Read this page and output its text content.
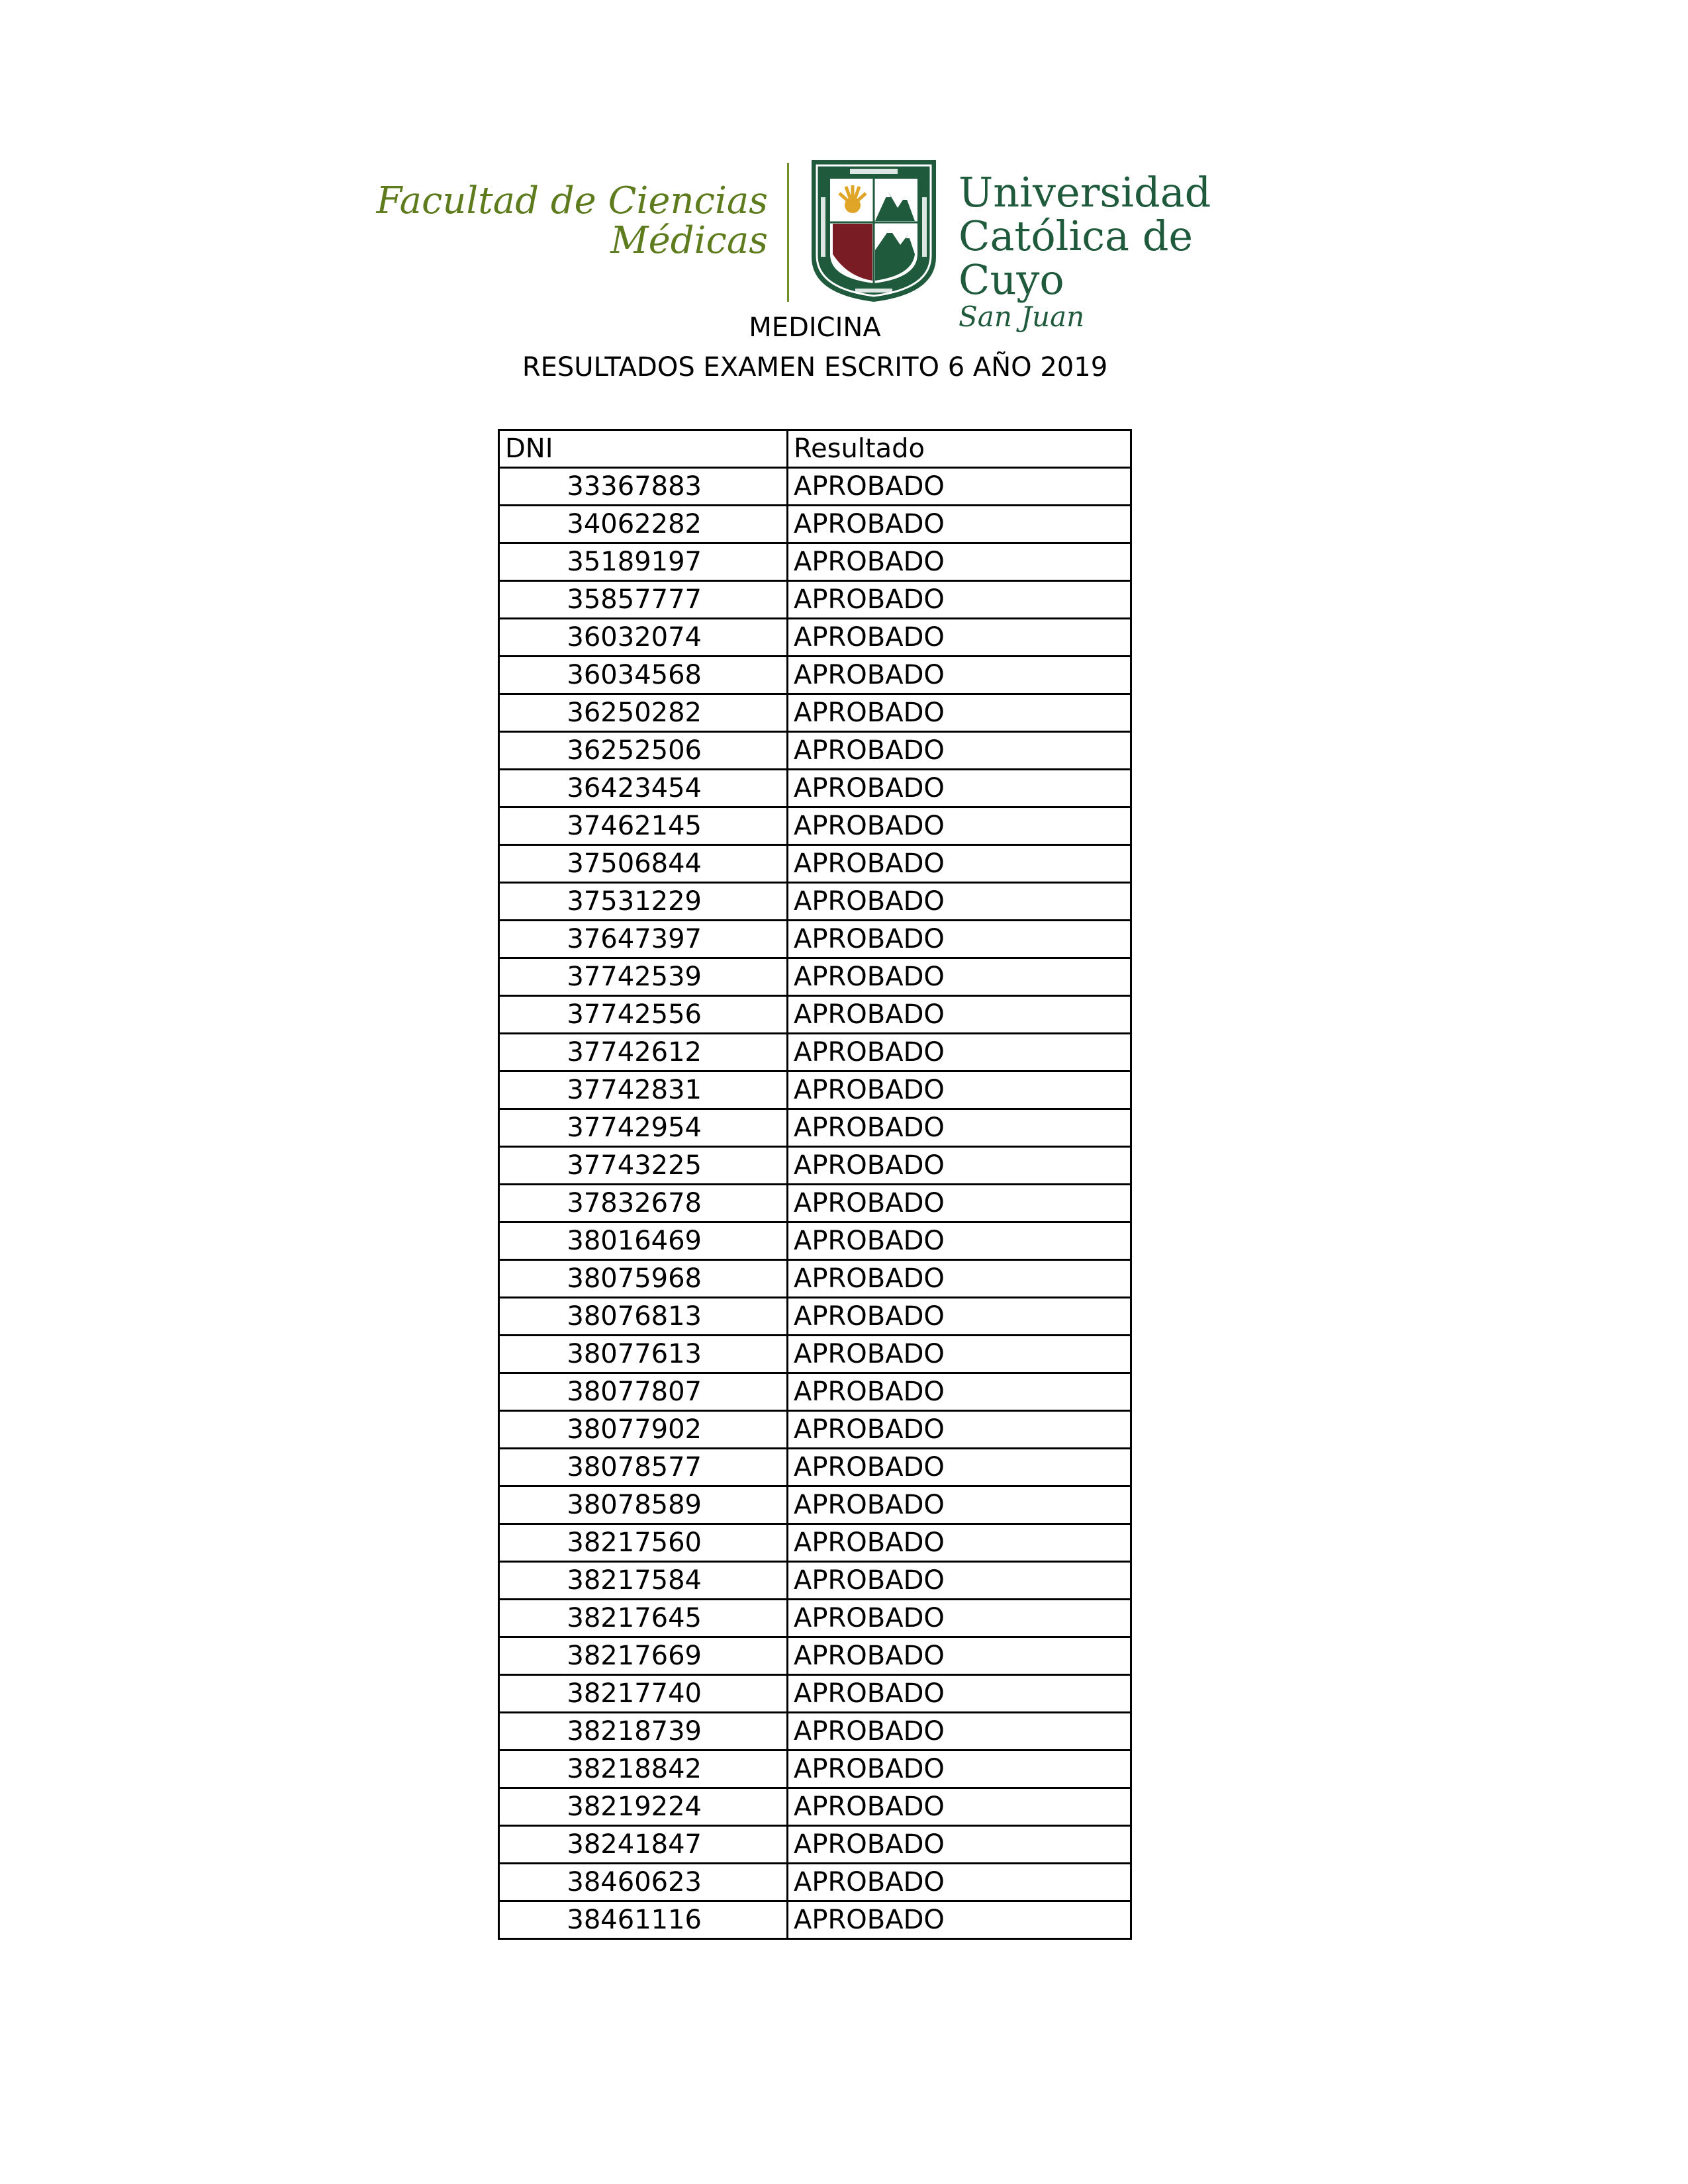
Facultad de Ciencias
Médicas
Universidad
Católica de Cuyo
San Juan
MEDICINA
RESULTADOS EXAMEN ESCRITO 6 AÑO 2019
DNI	Resultado
33367883	APROBADO
34062282	APROBADO
35189197	APROBADO
35857777	APROBADO
36032074	APROBADO
36034568	APROBADO
36250282	APROBADO
36252506	APROBADO
36423454	APROBADO
37462145	APROBADO
37506844	APROBADO
37531229	APROBADO
37647397	APROBADO
37742539	APROBADO
37742556	APROBADO
37742612	APROBADO
37742831	APROBADO
37742954	APROBADO
37743225	APROBADO
37832678	APROBADO
38016469	APROBADO
38075968	APROBADO
38076813	APROBADO
38077613	APROBADO
38077807	APROBADO
38077902	APROBADO
38078577	APROBADO
38078589	APROBADO
38217560	APROBADO
38217584	APROBADO
38217645	APROBADO
38217669	APROBADO
38217740	APROBADO
38218739	APROBADO
38218842	APROBADO
38219224	APROBADO
38241847	APROBADO
38460623	APROBADO
38461116	APROBADO
